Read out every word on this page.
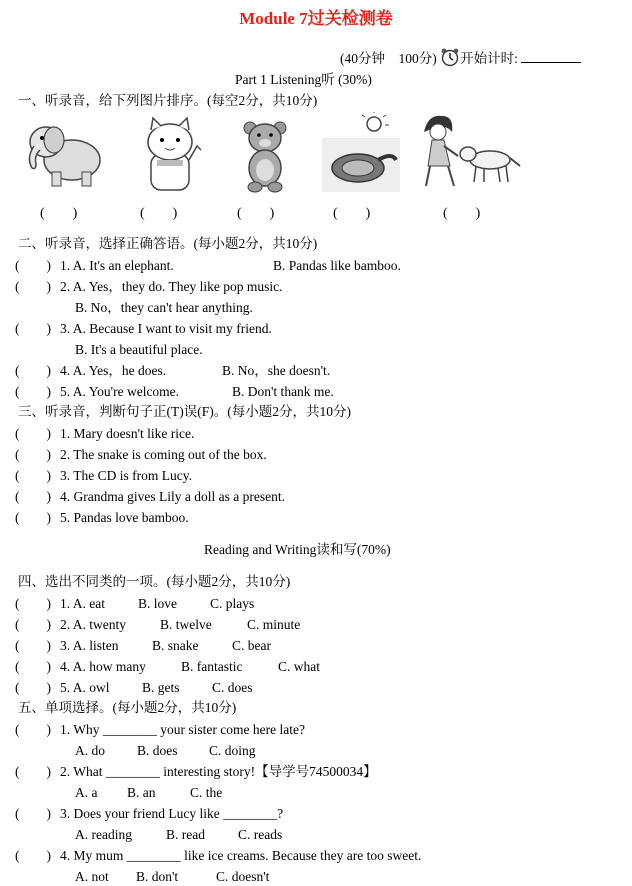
Module 7过关检测卷
(40分钟　100分) 开始计时:
Part 1 Listening听 (30%)
一、听录音，给下列图片排序。(每空2分，共10分)
(　　)	(　　)	(　　)	(　　)	(　　)
二、听录音，选择正确答语。(每小题2分，共10分)
(　　) 1. A. It's an elephant.	B. Pandas like bamboo.
(　　) 2. A. Yes，they do. They like pop music.
B. No，they can't hear anything.
(　　) 3. A. Because I want to visit my friend.
B. It's a beautiful place.
(　　) 4. A. Yes，he does.	B. No，she doesn't.
(　　) 5. A. You're welcome.	B. Don't thank me.
三、听录音，判断句子正(T)误(F)。(每小题2分，共10分)
(　　) 1. Mary doesn't like rice.
(　　) 2. The snake is coming out of the box.
(　　) 3. The CD is from Lucy.
(　　) 4. Grandma gives Lily a doll as a present.
(　　) 5. Pandas love bamboo.
Reading and Writing读和写(70%)
四、选出不同类的一项。(每小题2分，共10分)
(　　) 1. A. eat B. love C. plays
(　　) 2. A. twenty	B. twelve	C. minute
(　　) 3. A. listen B. snake C. bear
(　　) 4. A. how many	B. fantastic	C. what
(　　) 5. A. owl B. gets C. does
五、单项选择。(每小题2分，共10分)
(　　) 1. Why ________ your sister come here late?
A. do B. does C. doing
(　　) 2. What ________ interesting story!【导学号74500034】
A. a B. an	C. the
(　　) 3. Does your friend Lucy like ________?
A. reading	B. read C. reads
(　　) 4. My mum ________ like ice creams. Because they are too sweet.
A. not B. don't	C. doesn't
